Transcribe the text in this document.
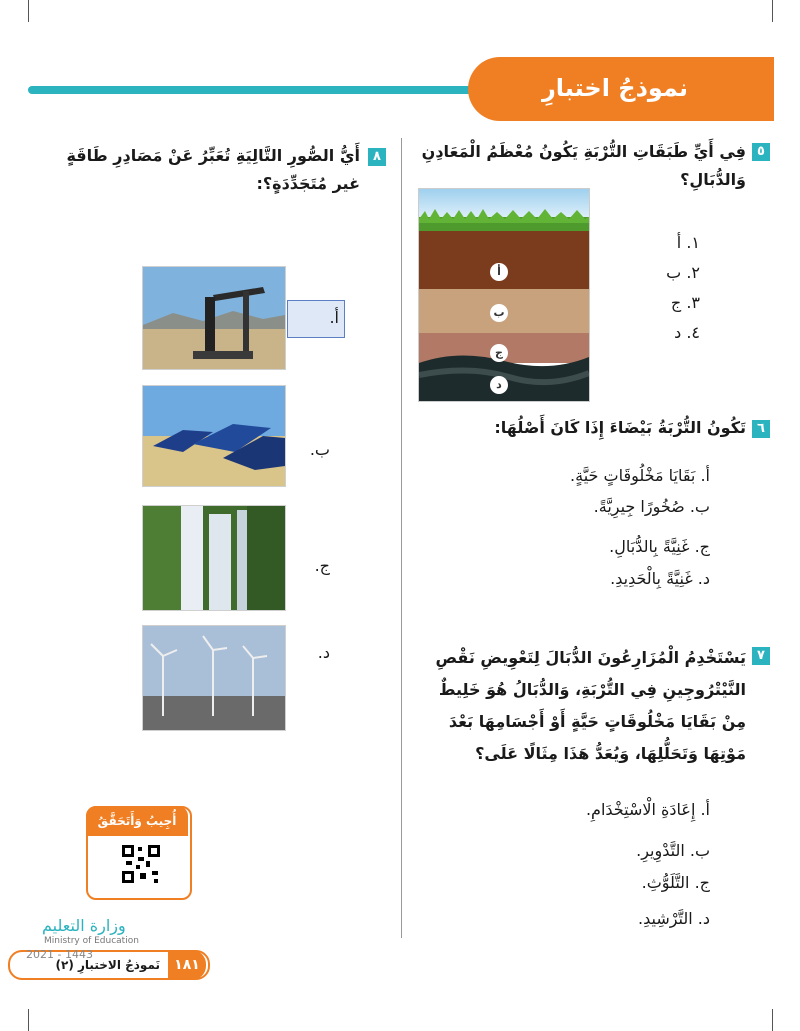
نموذجُ اختبارِ (٢)
٥
فِي أَيِّ طَبَقَاتِ التُّرْبَةِ يَكُونُ مُعْظَمُ الْمَعَادِنِ وَالدُّبَالِ؟
أ
ب
ج
د
١. أ
٢. ب
٣. ج
٤. د
٦
تَكُونُ التُّرْبَةُ بَيْضَاءَ إِذَا كَانَ أَصْلُهَا:
أ. بَقَايَا مَخْلُوقَاتٍ حَيَّةٍ.
ب. صُخُورًا جِيرِيَّةً.
ج. غَنِيَّةً بِالدُّبَالِ.
د. غَنِيَّةً بِالْحَدِيدِ.
٧
يَسْتَخْدِمُ الْمُزَارِعُونَ الدُّبَالَ لِتَعْوِيضِ نَقْصِ النَّيْتْرُوجِينِ فِي التُّرْبَةِ، وَالدُّبَالُ هُوَ خَلِيطٌ مِنْ بَقَايَا مَخْلُوقَاتٍ حَيَّةٍ أَوْ أَجْسَامِهَا بَعْدَ مَوْتِهَا وَتَحَلُّلِهَا، وَيُعَدُّ هَذَا مِثَالًا عَلَى؟
أ. إِعَادَةِ الْاسْتِخْدَامِ.
ب. التَّدْوِيرِ.
ج. التَّلَوُّثِ.
د. التَّرْشِيدِ.
٨
أَيُّ الصُّورِ التَّالِيَةِ تُعَبِّرُ عَنْ مَصَادِرِ طَاقَةٍ غير مُتَجَدِّدَةٍ؟:
أ.
ب.
ج.
د.
أُجِيبُ وَأَتَحَقَّقُ
وزارة التعليم
Ministry of Education
١٨١
نَموذجُ الاختبارِ (٢)
2021 - 1443
